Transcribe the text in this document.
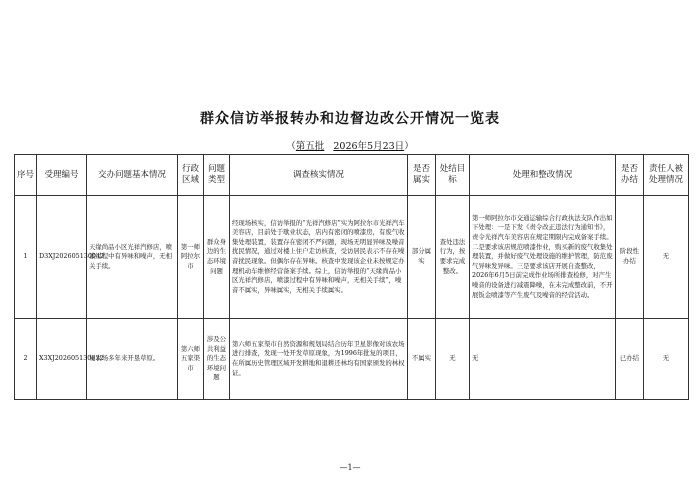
群众信访举报转办和边督边改公开情况一览表
（第五批 2026年5月23日）
序号	受理编号	交办问题基本情况	行政区域	问题类型	调查核实情况	是否属实	处结目标	处理和整改情况	是否办结	责任人被处理情况
1	D3XJ202605130042	天缘尚品小区光祥汽修店，喷漆过程中有异味和噪声，无相关手续。	第一师阿拉尔市	群众身边的生态环境问题	经现场核实，信访举报的“光祥汽修店”实为阿拉尔市光祥汽车美容店，目前处于歇业状态，店内有密闭的喷漆房，有废气收集处理装置，装置存在密闭不严问题，现场无明显异味及噪音扰民情况，通过对楼上住户走访核查，受访居民表示不存在噪音扰民现象。但偶尔存在异味。核查中发现该企业未按规定办理机动车维修经营备案手续。综上，信访举报的“天缘尚品小区光祥汽修店，喷漆过程中有异味和噪声，无相关手续”，噪音不属实，异味属实，无相关手续属实。	部分属实	查处违法行为，按要求完成整改。	第一师阿拉尔市交通运输综合行政执法支队作出如下处理：一是下发《责令改正违法行为通知书》，责令光祥汽车美容店在规定期限内完成备案手续。二是要求该店规范喷漆作业，购买新的废气收集处理装置，并做好废气处理设施的维护管理，防范废气异味发异味。三是要求该店开展自查整改，2026年6月5日前完成作业场所排查检修，对产生噪音的设备进行减震降噪，在未完成整改前，不开展钣金喷漆等产生废气及噪音的经营活动。	阶段性办结	无
2	X3XJ202605130032	复农场多年来开垦草原。	第六师五家渠市	涉及公共利益的生态环境问题	第六师五家渠市自然资源和规划局结合历年卫星影像对该农场进行排查，发现一处开发草原现象，为1996年批复的项目，在所属历史管理区域开发耕地和退耕还林均有国家颁发的林权证。	不属实	无	无	已办结	无
—1—
